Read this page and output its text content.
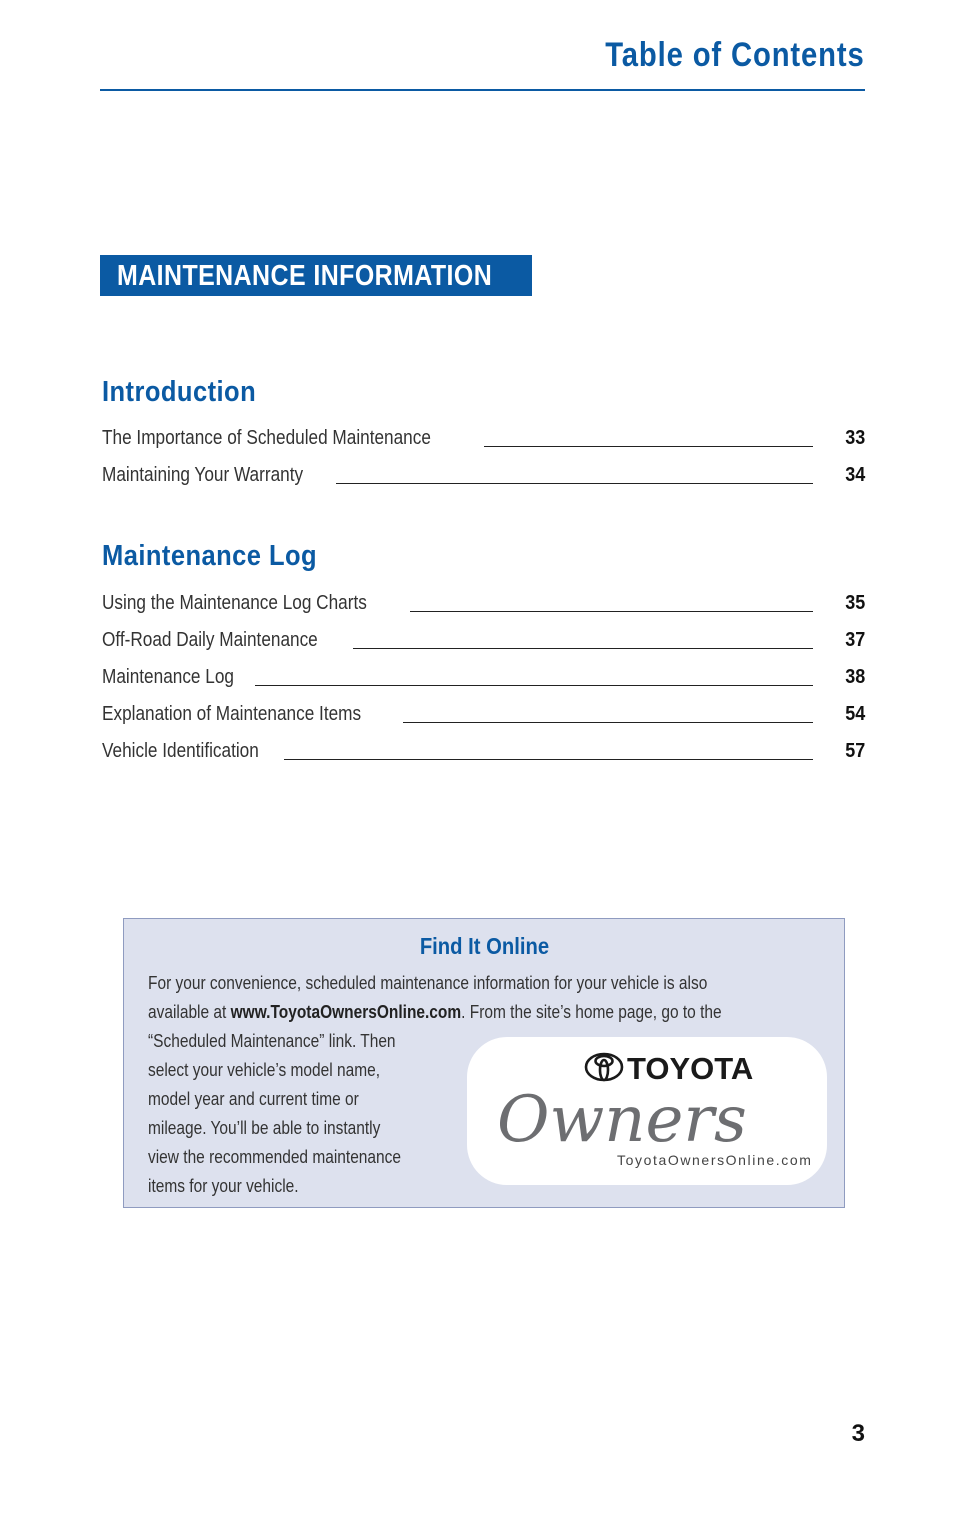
Table of Contents
MAINTENANCE INFORMATION
Introduction
The Importance of Scheduled Maintenance	33
Maintaining Your Warranty	34
Maintenance Log
Using the Maintenance Log Charts	35
Off-Road Daily Maintenance	37
Maintenance Log	38
Explanation of Maintenance Items	54
Vehicle Identification	57
Find It Online
For your convenience, scheduled maintenance information for your vehicle is also
available at www.ToyotaOwnersOnline.com. From the site’s home page, go to the
“Scheduled Maintenance” link. Then
select your vehicle’s model name,
model year and current time or
mileage. You’ll be able to instantly
view the recommended maintenance
items for your vehicle.
TOYOTA
Owners
ToyotaOwnersOnline.com
3
